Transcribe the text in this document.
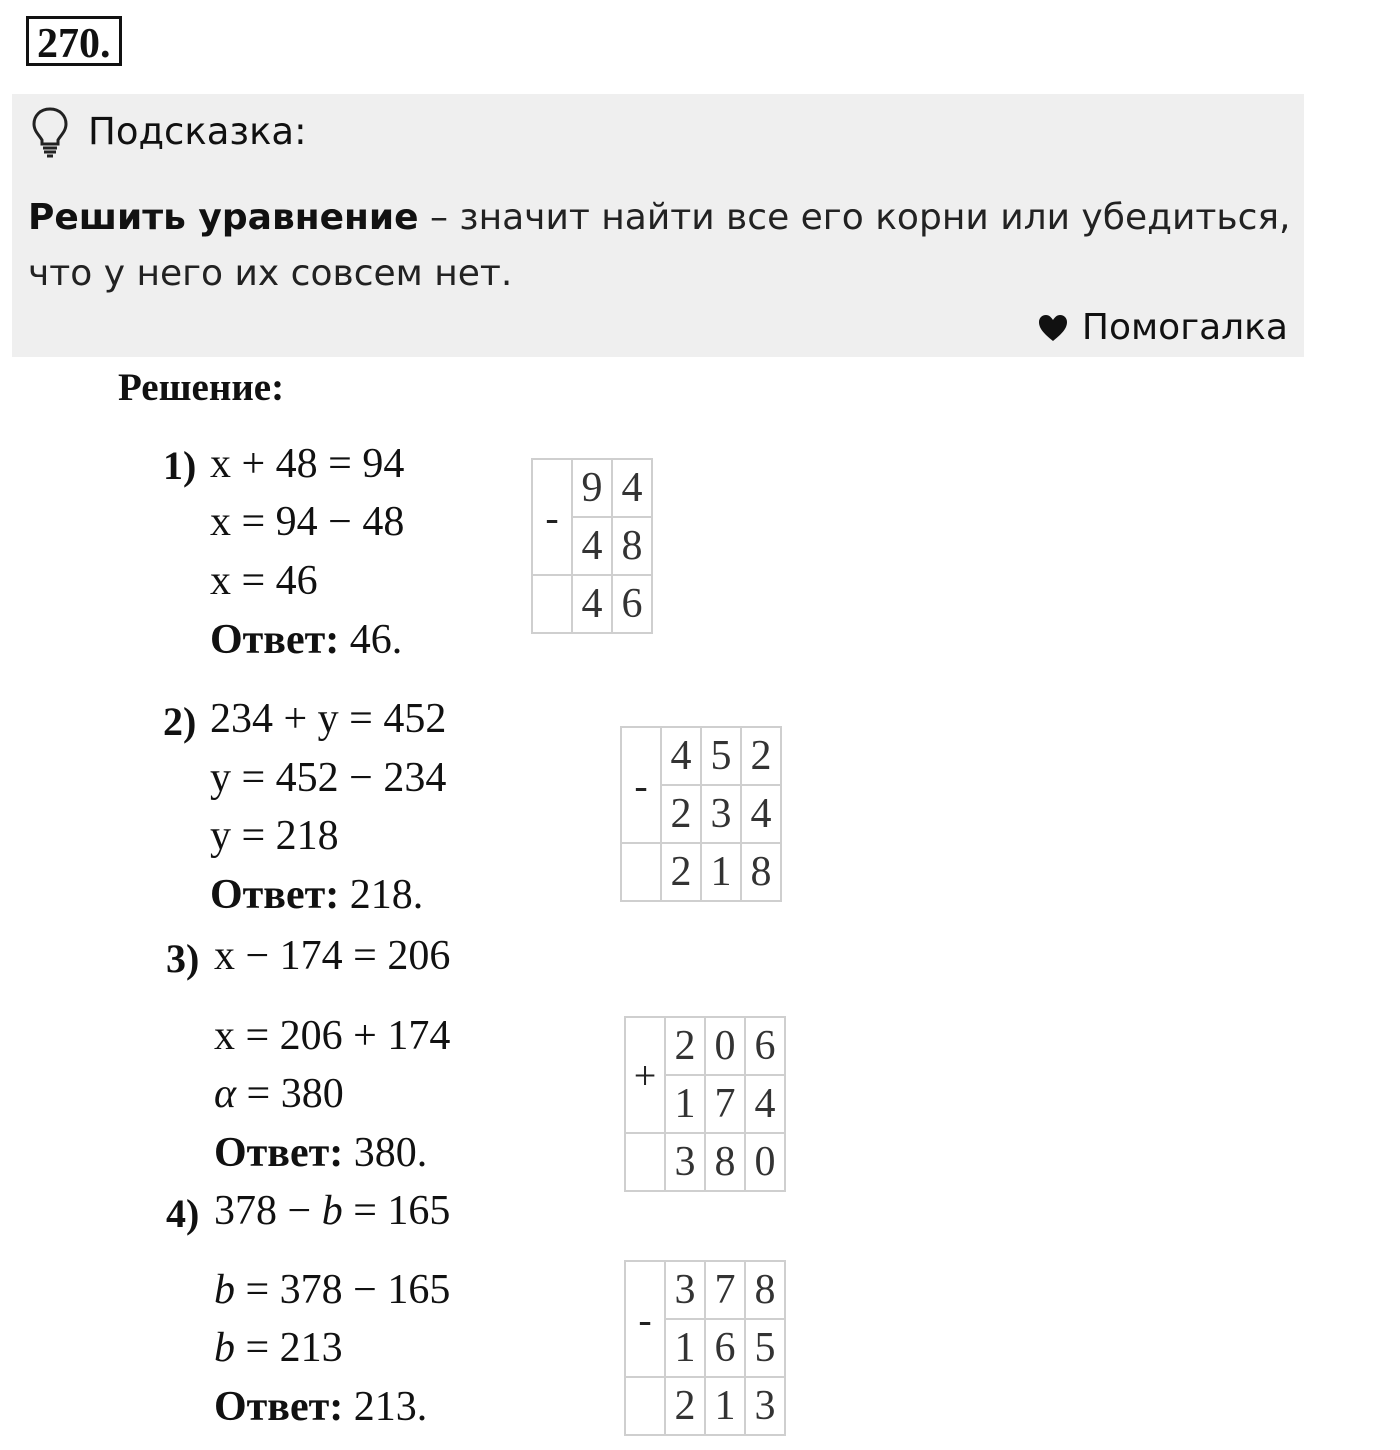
270.
Подсказка:
Решить уравнение – значит найти все его корни или убедиться, что у него их совсем нет.
Помогалка
Решение:
1) x + 48 = 94
x = 94 − 48
x = 46
Ответ: 46.
-	9	4
	4	8
	4	6
2) 234 + y = 452
y = 452 − 234
y = 218
Ответ: 218.
-	4	5	2
	2	3	4
	2	1	8
3) x − 174 = 206
x = 206 + 174
α = 380
Ответ: 380.
+	2	0	6
	1	7	4
	3	8	0
4) 378 − b = 165
b = 378 − 165
b = 213
Ответ: 213.
-	3	7	8
	1	6	5
	2	1	3
